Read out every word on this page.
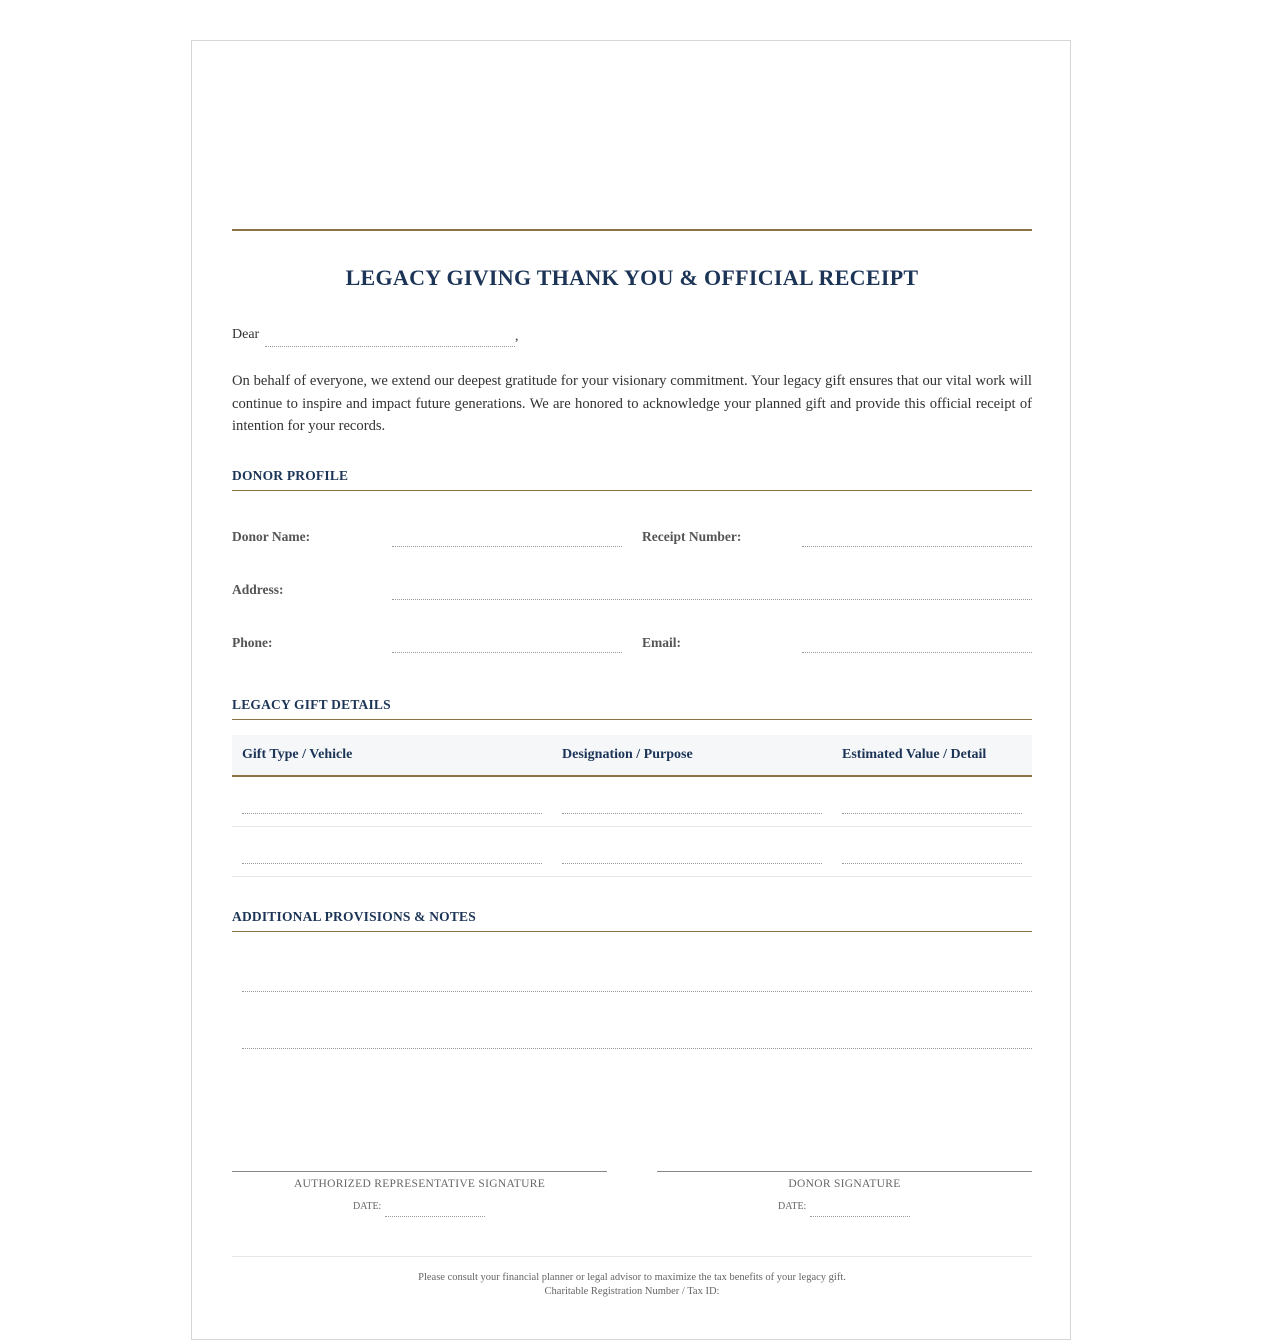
LEGACY GIVING THANK YOU & OFFICIAL RECEIPT
Dear	,
On behalf of everyone, we extend our deepest gratitude for your visionary commitment. Your legacy gift ensures that our vital work will continue to inspire and impact future generations. We are honored to acknowledge your planned gift and provide this official receipt of intention for your records.
DONOR PROFILE
Donor Name:	Receipt Number:
Address:
Phone:	Email:
LEGACY GIFT DETAILS
Gift Type / Vehicle	Designation / Purpose	Estimated Value / Detail
ADDITIONAL PROVISIONS & NOTES
AUTHORIZED REPRESENTATIVE SIGNATURE
DATE:
DONOR SIGNATURE
DATE:
Please consult your financial planner or legal advisor to maximize the tax benefits of your legacy gift.
Charitable Registration Number / Tax ID:
